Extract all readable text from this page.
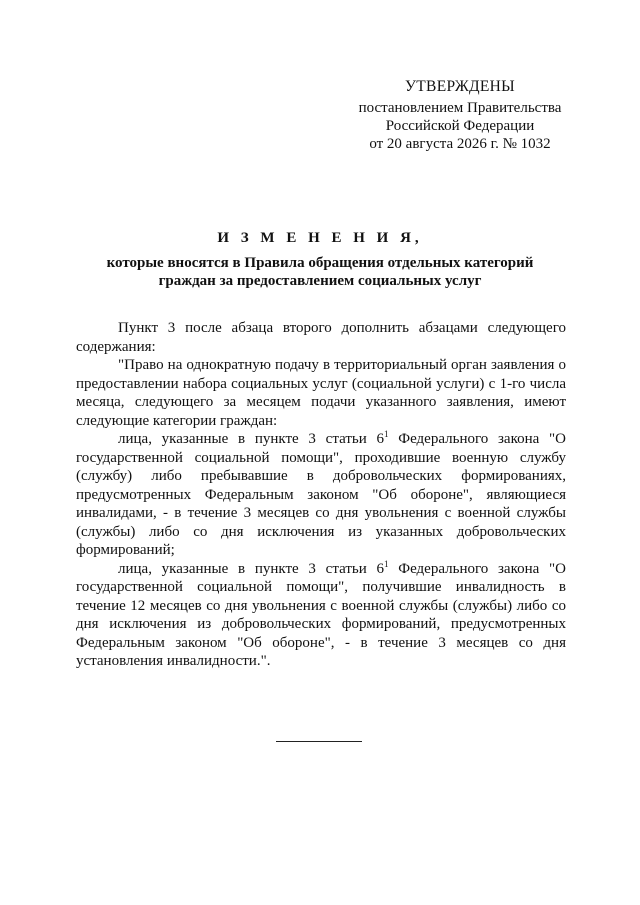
УТВЕРЖДЕНЫ
постановлением Правительства
Российской Федерации
от 20 августа 2026 г. № 1032
И З М Е Н Е Н И Я,
которые вносятся в Правила обращения отдельных категорий
граждан за предоставлением социальных услуг

Пункт 3 после абзаца второго дополнить абзацами следующего содержания:

"Право на однократную подачу в территориальный орган заявления о предоставлении набора социальных услуг (социальной услуги) с 1-го числа месяца, следующего за месяцем подачи указанного заявления, имеют следующие категории граждан:

лица, указанные в пункте 3 статьи $6^1$ Федерального закона "О государственной социальной помощи", проходившие военную службу (службу) либо пребывавшие в добровольческих формированиях, предусмотренных Федеральным законом "Об обороне", являющиеся инвалидами, - в течение 3 месяцев со дня увольнения с военной службы (службы) либо со дня исключения из указанных добровольческих формирований;

лица, указанные в пункте 3 статьи $6^1$ Федерального закона "О государственной социальной помощи", получившие инвалидность в течение 12 месяцев со дня увольнения с военной службы (службы) либо со дня исключения из добровольческих формирований, предусмотренных Федеральным законом "Об обороне", - в течение 3 месяцев со дня установления инвалидности.".
